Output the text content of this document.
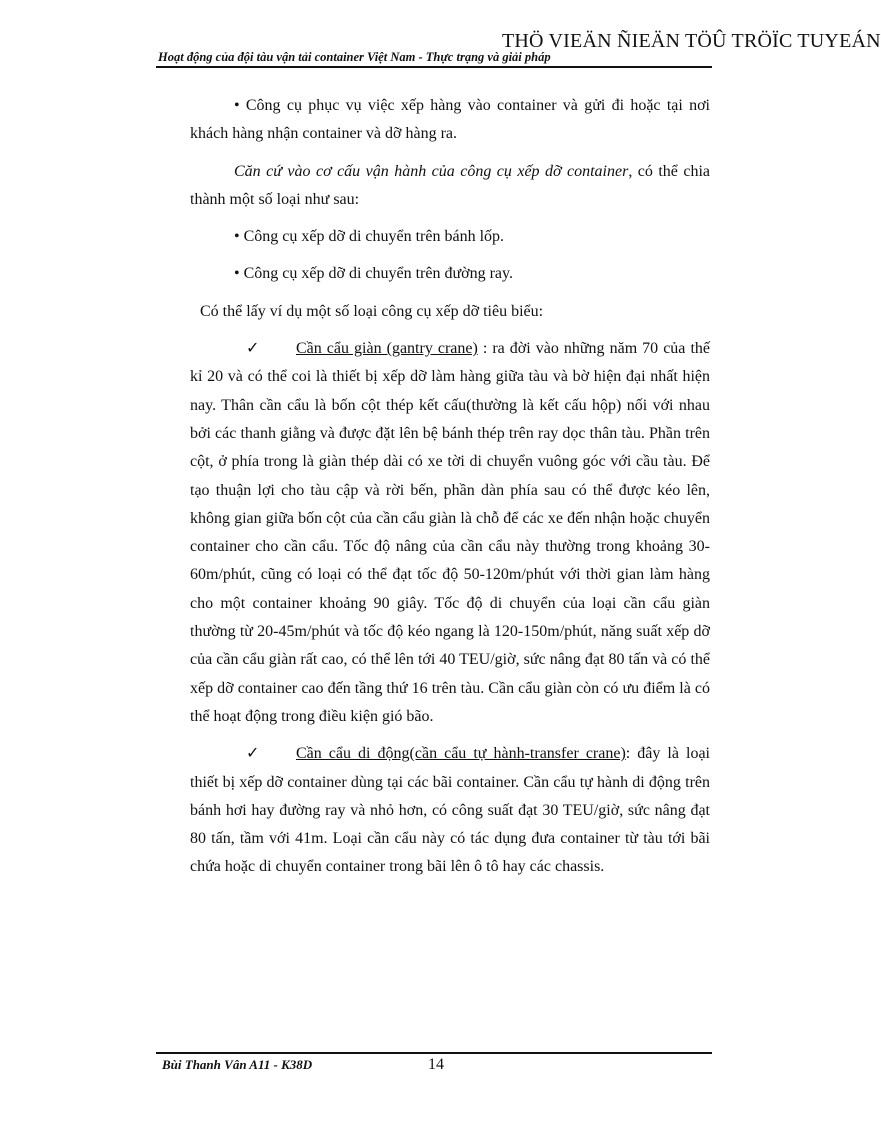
THÖ VIEÄN ÑIEÄN TÖÛ TRÖÏC TUYEÁN
Hoạt động của đội tàu vận tải container Việt Nam - Thực trạng và giải pháp

• Công cụ phục vụ việc xếp hàng vào container và gửi đi hoặc tại nơi khách hàng nhận container và dỡ hàng ra.

Căn cứ vào cơ cấu vận hành của công cụ xếp dỡ container, có thể chia thành một số loại như sau:

• Công cụ xếp dỡ di chuyển trên bánh lốp.

• Công cụ xếp dỡ di chuyển trên đường ray.

Có thể lấy ví dụ một số loại công cụ xếp dỡ tiêu biểu:

✓ Cần cẩu giàn (gantry crane) : ra đời vào những năm 70 của thế kỉ 20 và có thể coi là thiết bị xếp dỡ làm hàng giữa tàu và bờ hiện đại nhất hiện nay. Thân cần cẩu là bốn cột thép kết cấu(thường là kết cấu hộp) nối với nhau bởi các thanh giằng và được đặt lên bệ bánh thép trên ray dọc thân tàu. Phần trên cột, ở phía trong là giàn thép dài có xe tời di chuyển vuông góc với cầu tàu. Để tạo thuận lợi cho tàu cập và rời bến, phần dàn phía sau có thể được kéo lên, không gian giữa bốn cột của cần cẩu giàn là chỗ để các xe đến nhận hoặc chuyển container cho cần cẩu. Tốc độ nâng của cần cẩu này thường trong khoảng 30-60m/phút, cũng có loại có thể đạt tốc độ 50-120m/phút với thời gian làm hàng cho một container khoảng 90 giây. Tốc độ di chuyển của loại cần cẩu giàn thường từ 20-45m/phút và tốc độ kéo ngang là 120-150m/phút, năng suất xếp dỡ của cần cẩu giàn rất cao, có thể lên tới 40 TEU/giờ, sức nâng đạt 80 tấn và có thể xếp dỡ container cao đến tầng thứ 16 trên tàu. Cần cẩu giàn còn có ưu điểm là có thể hoạt động trong điều kiện gió bão.

✓ Cần cẩu di động(cần cẩu tự hành-transfer crane): đây là loại thiết bị xếp dỡ container dùng tại các bãi container. Cần cẩu tự hành di động trên bánh hơi hay đường ray và nhỏ hơn, có công suất đạt 30 TEU/giờ, sức nâng đạt 80 tấn, tầm với 41m. Loại cần cẩu này có tác dụng đưa container từ tàu tới bãi chứa hoặc di chuyển container trong bãi lên ô tô hay các chassis.

Bùi Thanh Vân A11 - K38D	14
